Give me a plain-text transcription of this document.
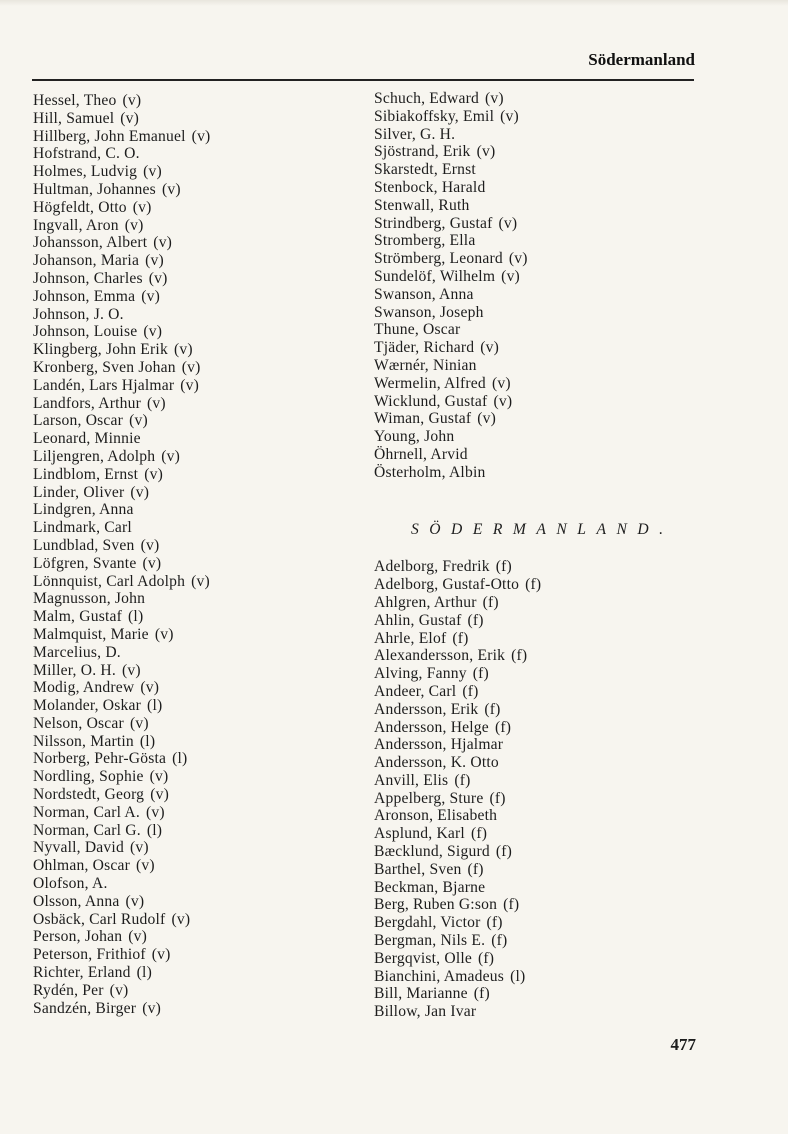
Södermanland
Hessel, Theo (v)
Hill, Samuel (v)
Hillberg, John Emanuel (v)
Hofstrand, C. O.
Holmes, Ludvig (v)
Hultman, Johannes (v)
Högfeldt, Otto (v)
Ingvall, Aron (v)
Johansson, Albert (v)
Johanson, Maria (v)
Johnson, Charles (v)
Johnson, Emma (v)
Johnson, J. O.
Johnson, Louise (v)
Klingberg, John Erik (v)
Kronberg, Sven Johan (v)
Landén, Lars Hjalmar (v)
Landfors, Arthur (v)
Larson, Oscar (v)
Leonard, Minnie
Liljengren, Adolph (v)
Lindblom, Ernst (v)
Linder, Oliver (v)
Lindgren, Anna
Lindmark, Carl
Lundblad, Sven (v)
Löfgren, Svante (v)
Lönnquist, Carl Adolph (v)
Magnusson, John
Malm, Gustaf (l)
Malmquist, Marie (v)
Marcelius, D.
Miller, O. H. (v)
Modig, Andrew (v)
Molander, Oskar (l)
Nelson, Oscar (v)
Nilsson, Martin (l)
Norberg, Pehr-Gösta (l)
Nordling, Sophie (v)
Nordstedt, Georg (v)
Norman, Carl A. (v)
Norman, Carl G. (l)
Nyvall, David (v)
Ohlman, Oscar (v)
Olofson, A.
Olsson, Anna (v)
Osbäck, Carl Rudolf (v)
Person, Johan (v)
Peterson, Frithiof (v)
Richter, Erland (l)
Rydén, Per (v)
Sandzén, Birger (v)
Schuch, Edward (v)
Sibiakoffsky, Emil (v)
Silver, G. H.
Sjöstrand, Erik (v)
Skarstedt, Ernst
Stenbock, Harald
Stenwall, Ruth
Strindberg, Gustaf (v)
Stromberg, Ella
Strömberg, Leonard (v)
Sundelöf, Wilhelm (v)
Swanson, Anna
Swanson, Joseph
Thune, Oscar
Tjäder, Richard (v)
Wærnér, Ninian
Wermelin, Alfred (v)
Wicklund, Gustaf (v)
Wiman, Gustaf (v)
Young, John
Öhrnell, Arvid
Österholm, Albin
SÖDERMANLAND.
Adelborg, Fredrik (f)
Adelborg, Gustaf-Otto (f)
Ahlgren, Arthur (f)
Ahlin, Gustaf (f)
Ahrle, Elof (f)
Alexandersson, Erik (f)
Alving, Fanny (f)
Andeer, Carl (f)
Andersson, Erik (f)
Andersson, Helge (f)
Andersson, Hjalmar
Andersson, K. Otto
Anvill, Elis (f)
Appelberg, Sture (f)
Aronson, Elisabeth
Asplund, Karl (f)
Bæcklund, Sigurd (f)
Barthel, Sven (f)
Beckman, Bjarne
Berg, Ruben G:son (f)
Bergdahl, Victor (f)
Bergman, Nils E. (f)
Bergqvist, Olle (f)
Bianchini, Amadeus (l)
Bill, Marianne (f)
Billow, Jan Ivar
477
